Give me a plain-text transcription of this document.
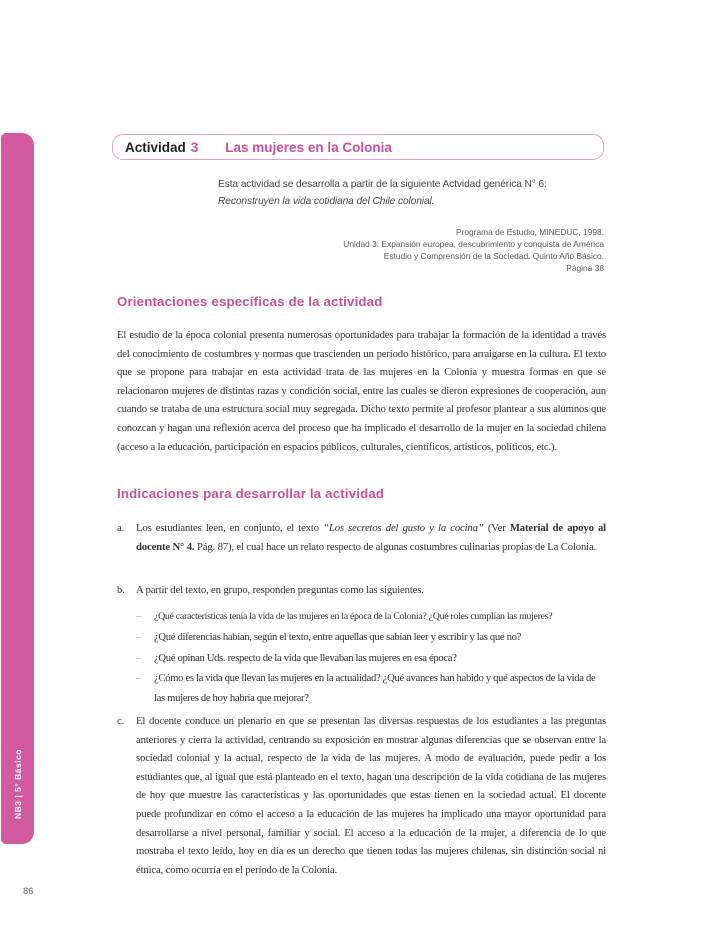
NB3 | 5° Básico
86
Actividad 3 Las mujeres en la Colonia
Esta actividad se desarrolla a partir de la siguiente Actvidad genérica N° 6:
Reconstruyen la vida cotidiana del Chile colonial.
Programa de Estudio, MINEDUC, 1998.
Unidad 3: Expansión europea, descubrimiento y conquista de América
Estudio y Comprensión de la Sociedad. Quinto Año Básico.
Página 38
Orientaciones específicas de la actividad

El estudio de la época colonial presenta numerosas oportunidades para trabajar la formación de la identidad a través del conocimiento de costumbres y normas que trascienden un período histórico, para arraigarse en la cultura. El texto que se propone para trabajar en esta actividad trata de las mujeres en la Colonia y muestra formas en que se relacionaron mujeres de distintas razas y condición social, entre las cuales se dieron expresiones de cooperación, aun cuando se trataba de una estructura social muy segregada. Dicho texto permite al profesor plantear a sus alumnos que conozcan y hagan una reflexión acerca del proceso que ha implicado el desarrollo de la mujer en la sociedad chilena (acceso a la educación, participación en espacios públicos, culturales, científicos, artísticos, políticos, etc.).

Indicaciones para desarrollar la actividad
a. Los estudiantes leen, en conjunto, el texto “Los secretos del gusto y la cocina” (Ver Material de apoyo al docente N° 4. Pág. 87), el cual hace un relato respecto de algunas costumbres culinarias propias de La Colonia.
b. A partir del texto, en grupo, responden preguntas como las siguientes.
–	¿Qué características tenía la vida de las mujeres en la época de la Colonia? ¿Qué roles cumplían las mujeres?
–	¿Qué diferencias habían, según el texto, entre aquellas que sabían leer y escribir y las que no?
–	¿Qué opinan Uds. respecto de la vida que llevaban las mujeres en esa época?
–	¿Cómo es la vida que llevan las mujeres en la actualidad? ¿Qué avances han habido y qué aspectos de la vida de las mujeres de hoy habría que mejorar?
c. El docente conduce un plenario en que se presentan las diversas respuestas de los estudiantes a las preguntas anteriores y cierra la actividad, centrando su exposición en mostrar algunas diferencias que se observan entre la sociedad colonial y la actual, respecto de la vida de las mujeres. A modo de evaluación, puede pedir a los estudiantes que, al igual que está planteado en el texto, hagan una descripción de la vida cotidiana de las mujeres de hoy que muestre las características y las oportunidades que estas tienen en la sociedad actual. El docente puede profundizar en cómo el acceso a la educación de las mujeres ha implicado una mayor oportunidad para desarrollarse a nivel personal, familiar y social. El acceso a la educación de la mujer, a diferencia de lo que mostraba el texto leído, hoy en día es un derecho que tienen todas las mujeres chilenas, sin distinción social ni étnica, como ocurría en el período de la Colonia.
